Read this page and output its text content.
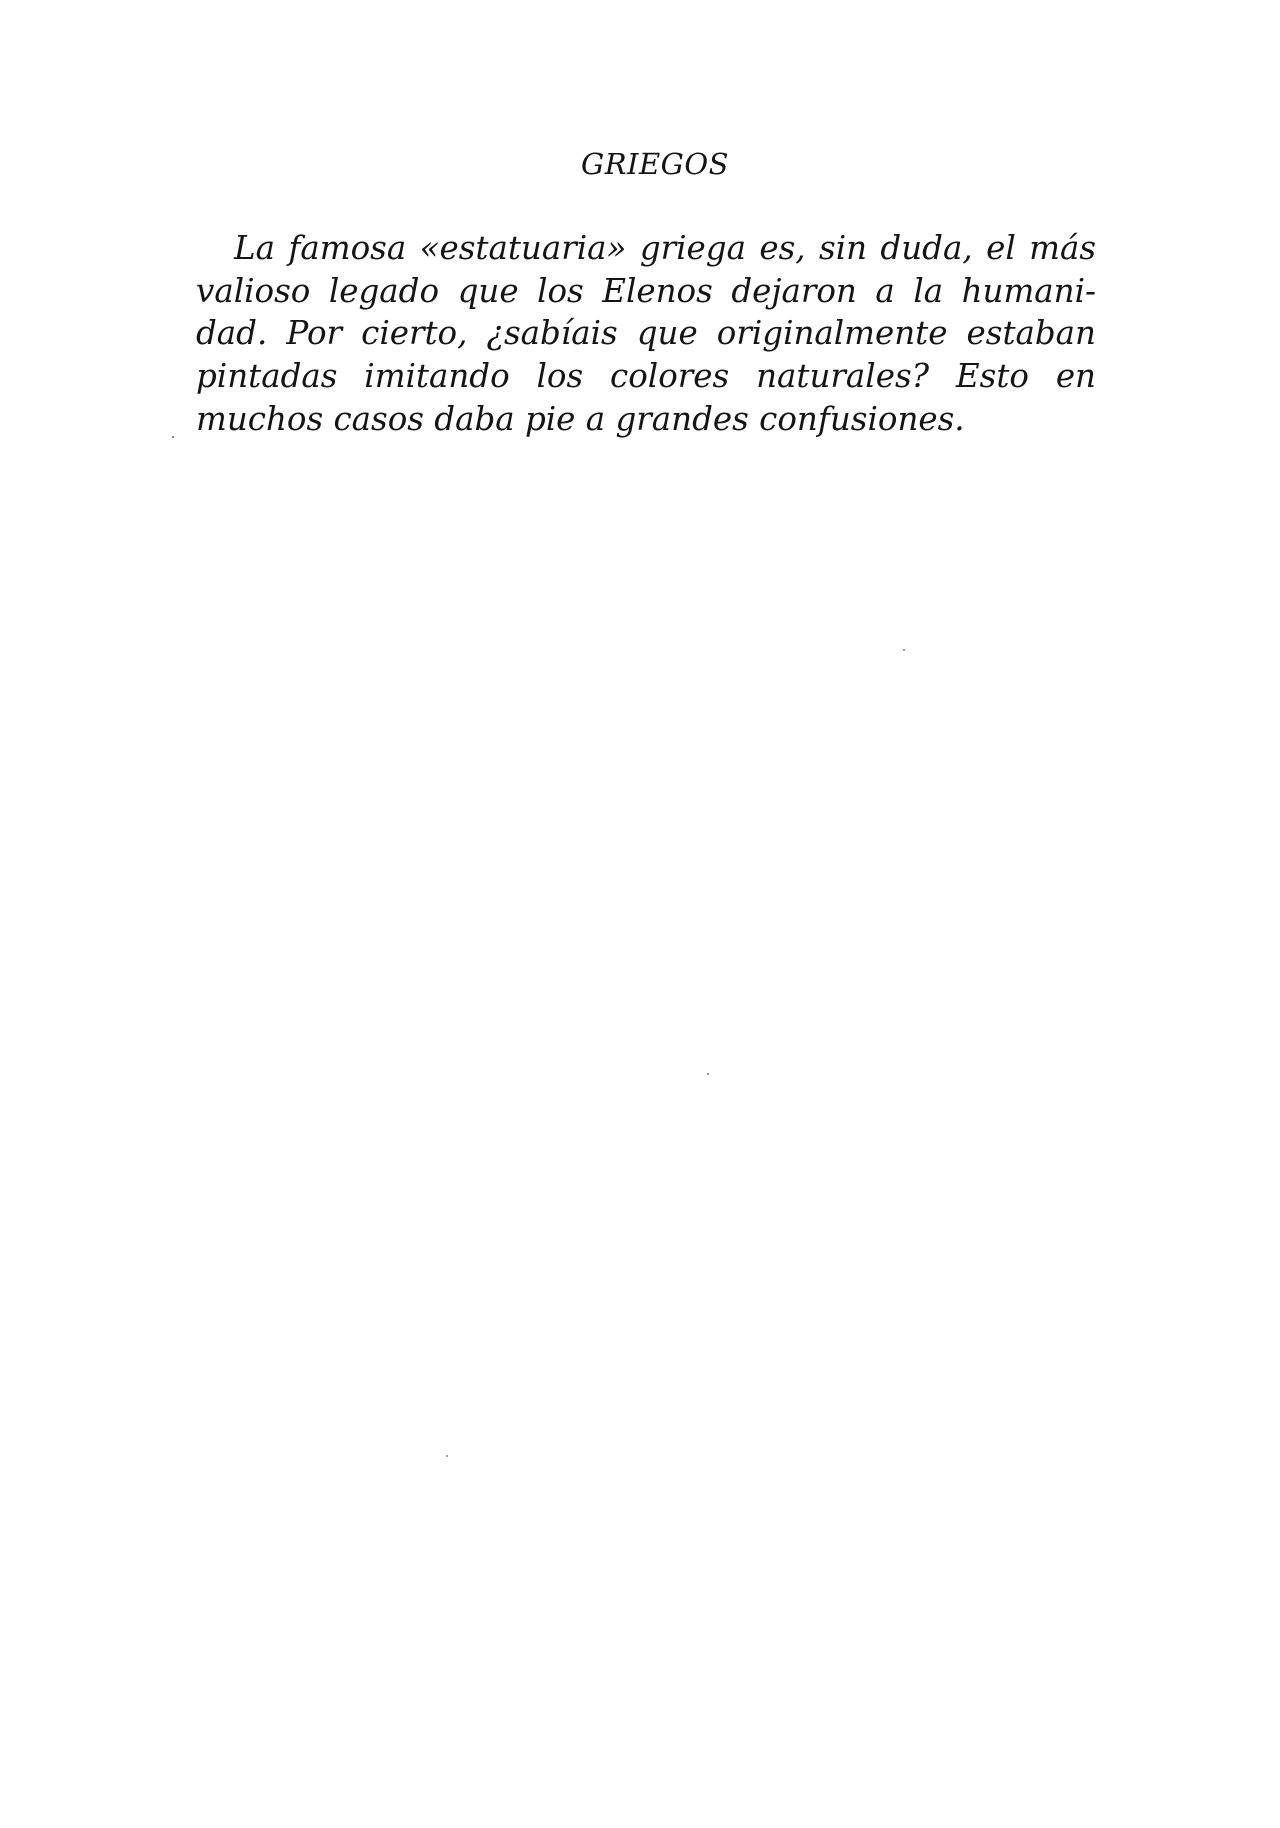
GRIEGOS
La famosa «estatuaria» griega es, sin duda, el más
valioso legado que los Elenos dejaron a la humani-
dad. Por cierto, ¿sabíais que originalmente estaban
pintadas imitando los colores naturales? Esto en
muchos casos daba pie a grandes confusiones.
